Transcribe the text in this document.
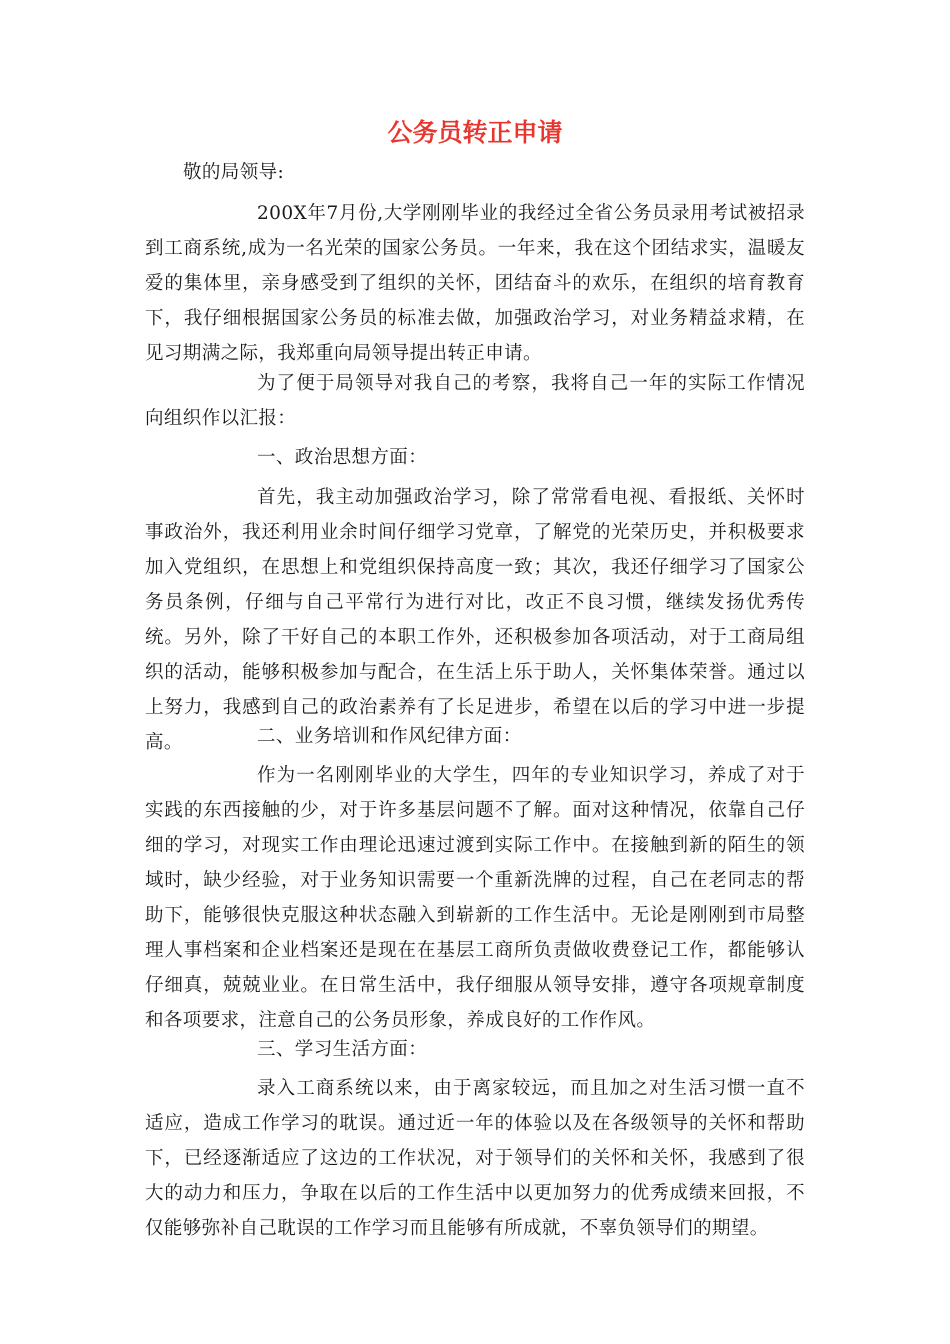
公务员转正申请
敬的局领导:

200X年7月份,大学刚刚毕业的我经过全省公务员录用考试被招录到工商系统,成为一名光荣的国家公务员。一年来，我在这个团结求实，温暖友爱的集体里，亲身感受到了组织的关怀，团结奋斗的欢乐，在组织的培育教育下，我仔细根据国家公务员的标准去做，加强政治学习，对业务精益求精，在见习期满之际，我郑重向局领导提出转正申请。

为了便于局领导对我自己的考察，我将自己一年的实际工作情况向组织作以汇报：

一、政治思想方面：

首先，我主动加强政治学习，除了常常看电视、看报纸、关怀时事政治外，我还利用业余时间仔细学习党章，了解党的光荣历史，并积极要求加入党组织，在思想上和党组织保持高度一致；其次，我还仔细学习了国家公务员条例，仔细与自己平常行为进行对比，改正不良习惯，继续发扬优秀传统。另外，除了干好自己的本职工作外，还积极参加各项活动，对于工商局组织的活动，能够积极参加与配合，在生活上乐于助人，关怀集体荣誉。通过以上努力，我感到自己的政治素养有了长足进步，希望在以后的学习中进一步提高。	二、业务培训和作风纪律方面：

作为一名刚刚毕业的大学生，四年的专业知识学习，养成了对于实践的东西接触的少，对于许多基层问题不了解。面对这种情况，依靠自己仔细的学习，对现实工作由理论迅速过渡到实际工作中。在接触到新的陌生的领域时，缺少经验，对于业务知识需要一个重新洗牌的过程，自己在老同志的帮助下，能够很快克服这种状态融入到崭新的工作生活中。无论是刚刚到市局整理人事档案和企业档案还是现在在基层工商所负责做收费登记工作，都能够认仔细真，兢兢业业。在日常生活中，我仔细服从领导安排，遵守各项规章制度和各项要求，注意自己的公务员形象，养成良好的工作作风。

三、学习生活方面：

录入工商系统以来，由于离家较远，而且加之对生活习惯一直不适应，造成工作学习的耽误。通过近一年的体验以及在各级领导的关怀和帮助下，已经逐渐适应了这边的工作状况，对于领导们的关怀和关怀，我感到了很大的动力和压力，争取在以后的工作生活中以更加努力的优秀成绩来回报，不仅能够弥补自己耽误的工作学习而且能够有所成就，不辜负领导们的期望。
